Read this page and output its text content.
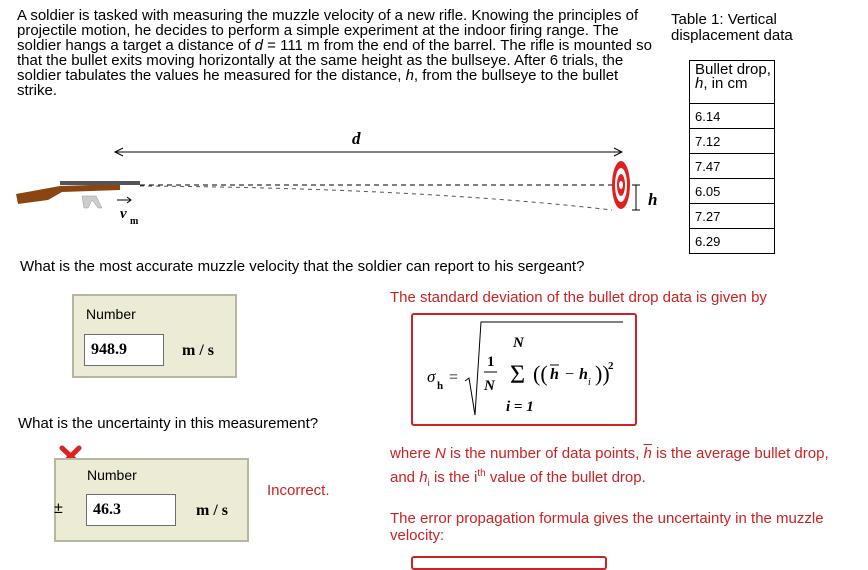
A soldier is tasked with measuring the muzzle velocity of a new rifle. Knowing the principles of projectile motion, he decides to perform a simple experiment at the indoor firing range. The soldier hangs a target a distance of d = 111 m from the end of the barrel. The rifle is mounted so that the bullet exits moving horizontally at the same height as the bullseye. After 6 trials, the soldier tabulates the values he measured for the distance, h, from the bullseye to the bullet strike.
Table 1: Vertical displacement data
Bullet drop,
h, in cm
6.14
7.12
7.47
6.05
7.27
6.29
d
v m
h
What is the most accurate muzzle velocity that the soldier can report to his sergeant?
Number
948.9	m / s
What is the uncertainty in this measurement?
Number
46.3	m / s
±
Incorrect.
The standard deviation of the bullet drop data is given by
σ h =
1
N
N
Σ
i = 1
(( h − h i ))
2
where N is the number of data points, $\overline{h}$ is the average bullet drop, and $h_i$ is the $i^{th}$ value of the bullet drop.
The error propagation formula gives the uncertainty in the muzzle velocity:
